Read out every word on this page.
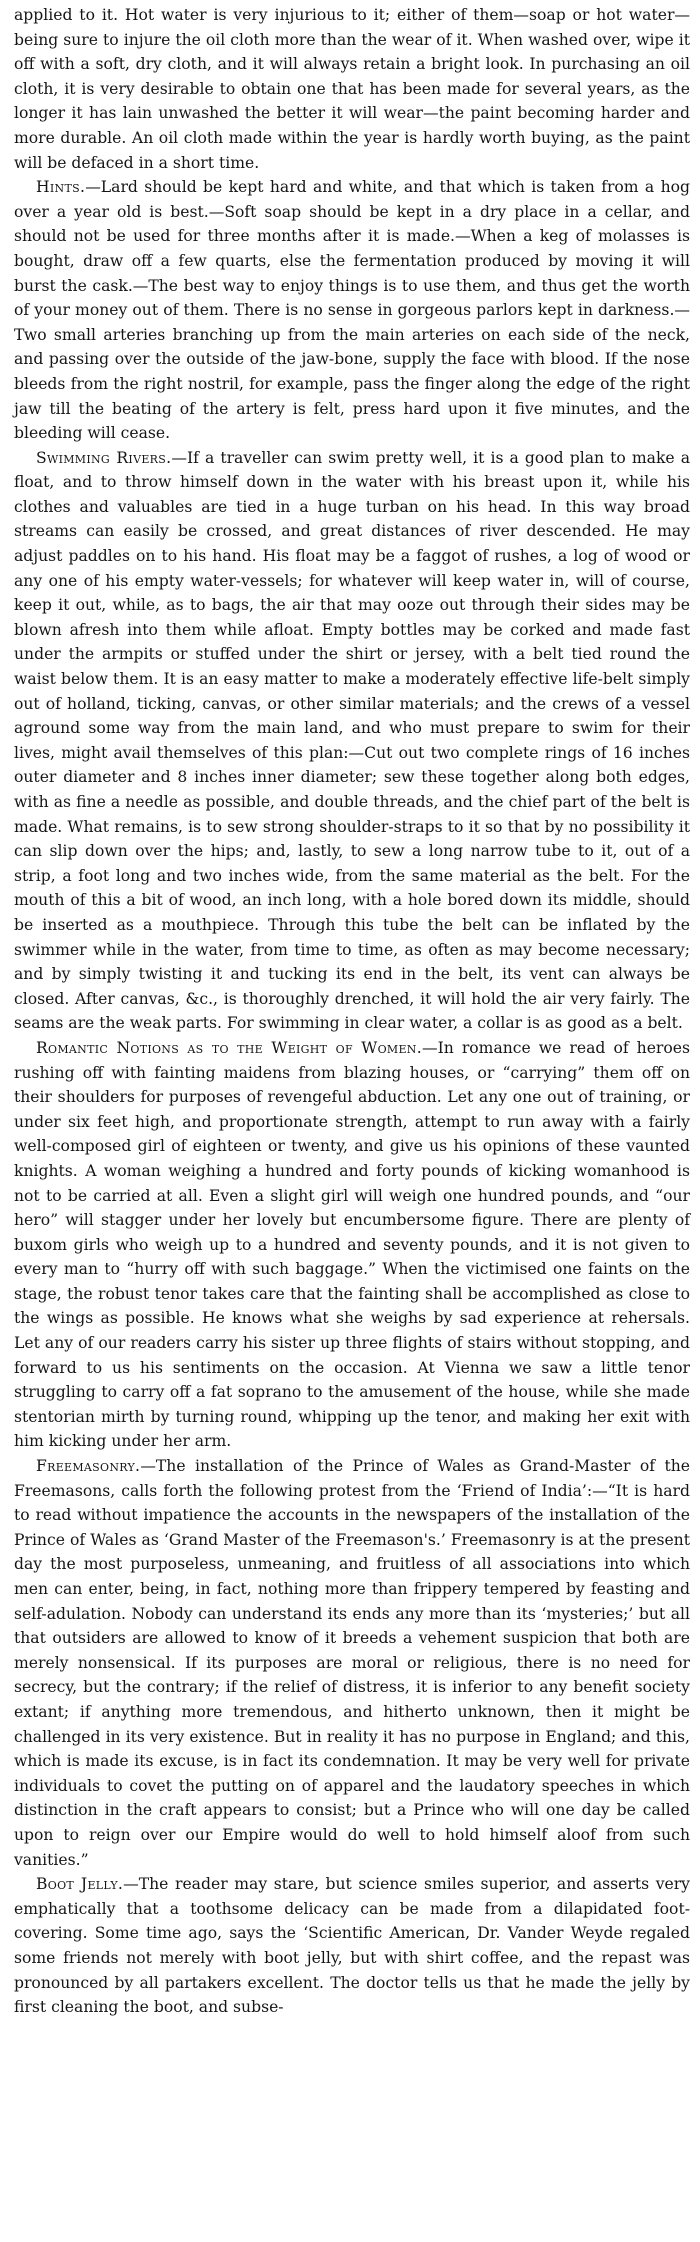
applied to it. Hot water is very injurious to it; either of them—soap or hot water—being sure to injure the oil cloth more than the wear of it. When washed over, wipe it off with a soft, dry cloth, and it will always retain a bright look. In purchasing an oil cloth, it is very desirable to obtain one that has been made for several years, as the longer it has lain unwashed the better it will wear—the paint becoming harder and more durable. An oil cloth made within the year is hardly worth buying, as the paint will be defaced in a short time.

Hints.—Lard should be kept hard and white, and that which is taken from a hog over a year old is best.—Soft soap should be kept in a dry place in a cellar, and should not be used for three months after it is made.—When a keg of molasses is bought, draw off a few quarts, else the fermentation produced by moving it will burst the cask.—The best way to enjoy things is to use them, and thus get the worth of your money out of them. There is no sense in gorgeous parlors kept in darkness.—Two small arteries branching up from the main arteries on each side of the neck, and passing over the outside of the jaw-bone, supply the face with blood. If the nose bleeds from the right nostril, for example, pass the finger along the edge of the right jaw till the beating of the artery is felt, press hard upon it five minutes, and the bleeding will cease.

Swimming Rivers.—If a traveller can swim pretty well, it is a good plan to make a float, and to throw himself down in the water with his breast upon it, while his clothes and valuables are tied in a huge turban on his head. In this way broad streams can easily be crossed, and great distances of river descended. He may adjust paddles on to his hand. His float may be a faggot of rushes, a log of wood or any one of his empty water-vessels; for whatever will keep water in, will of course, keep it out, while, as to bags, the air that may ooze out through their sides may be blown afresh into them while afloat. Empty bottles may be corked and made fast under the armpits or stuffed under the shirt or jersey, with a belt tied round the waist below them. It is an easy matter to make a moderately effective life-belt simply out of holland, ticking, canvas, or other similar materials; and the crews of a vessel aground some way from the main land, and who must prepare to swim for their lives, might avail themselves of this plan:—Cut out two complete rings of 16 inches outer diameter and 8 inches inner diameter; sew these together along both edges, with as fine a needle as possible, and double threads, and the chief part of the belt is made. What remains, is to sew strong shoulder-straps to it so that by no possibility it can slip down over the hips; and, lastly, to sew a long narrow tube to it, out of a strip, a foot long and two inches wide, from the same material as the belt. For the mouth of this a bit of wood, an inch long, with a hole bored down its middle, should be inserted as a mouthpiece. Through this tube the belt can be inflated by the swimmer while in the water, from time to time, as often as may become necessary; and by simply twisting it and tucking its end in the belt, its vent can always be closed. After canvas, &c., is thoroughly drenched, it will hold the air very fairly. The seams are the weak parts. For swimming in clear water, a collar is as good as a belt.

Romantic Notions as to the Weight of Women.—In romance we read of heroes rushing off with fainting maidens from blazing houses, or “carrying” them off on their shoulders for purposes of revengeful abduction. Let any one out of training, or under six feet high, and proportionate strength, attempt to run away with a fairly well-composed girl of eighteen or twenty, and give us his opinions of these vaunted knights. A woman weighing a hundred and forty pounds of kicking womanhood is not to be carried at all. Even a slight girl will weigh one hundred pounds, and “our hero” will stagger under her lovely but encumbersome figure. There are plenty of buxom girls who weigh up to a hundred and seventy pounds, and it is not given to every man to “hurry off with such baggage.” When the victimised one faints on the stage, the robust tenor takes care that the fainting shall be accomplished as close to the wings as possible. He knows what she weighs by sad experience at rehersals. Let any of our readers carry his sister up three flights of stairs without stopping, and forward to us his sentiments on the occasion. At Vienna we saw a little tenor struggling to carry off a fat soprano to the amusement of the house, while she made stentorian mirth by turning round, whipping up the tenor, and making her exit with him kicking under her arm.

Freemasonry.—The installation of the Prince of Wales as Grand-Master of the Freemasons, calls forth the following protest from the ‘Friend of India’:—“It is hard to read without impatience the accounts in the newspapers of the installation of the Prince of Wales as ‘Grand Master of the Freemason's.’ Freemasonry is at the present day the most purposeless, unmeaning, and fruitless of all associations into which men can enter, being, in fact, nothing more than frippery tempered by feasting and self-adulation. Nobody can understand its ends any more than its ‘mysteries;’ but all that outsiders are allowed to know of it breeds a vehement suspicion that both are merely nonsensical. If its purposes are moral or religious, there is no need for secrecy, but the contrary; if the relief of distress, it is inferior to any benefit society extant; if anything more tremendous, and hitherto unknown, then it might be challenged in its very existence. But in reality it has no purpose in England; and this, which is made its excuse, is in fact its condemnation. It may be very well for private individuals to covet the putting on of apparel and the laudatory speeches in which distinction in the craft appears to consist; but a Prince who will one day be called upon to reign over our Empire would do well to hold himself aloof from such vanities.”

Boot Jelly.—The reader may stare, but science smiles superior, and asserts very emphatically that a toothsome delicacy can be made from a dilapidated foot-covering. Some time ago, says the ‘Scientific American, Dr. Vander Weyde regaled some friends not merely with boot jelly, but with shirt coffee, and the repast was pronounced by all partakers excellent. The doctor tells us that he made the jelly by first cleaning the boot, and subse-
